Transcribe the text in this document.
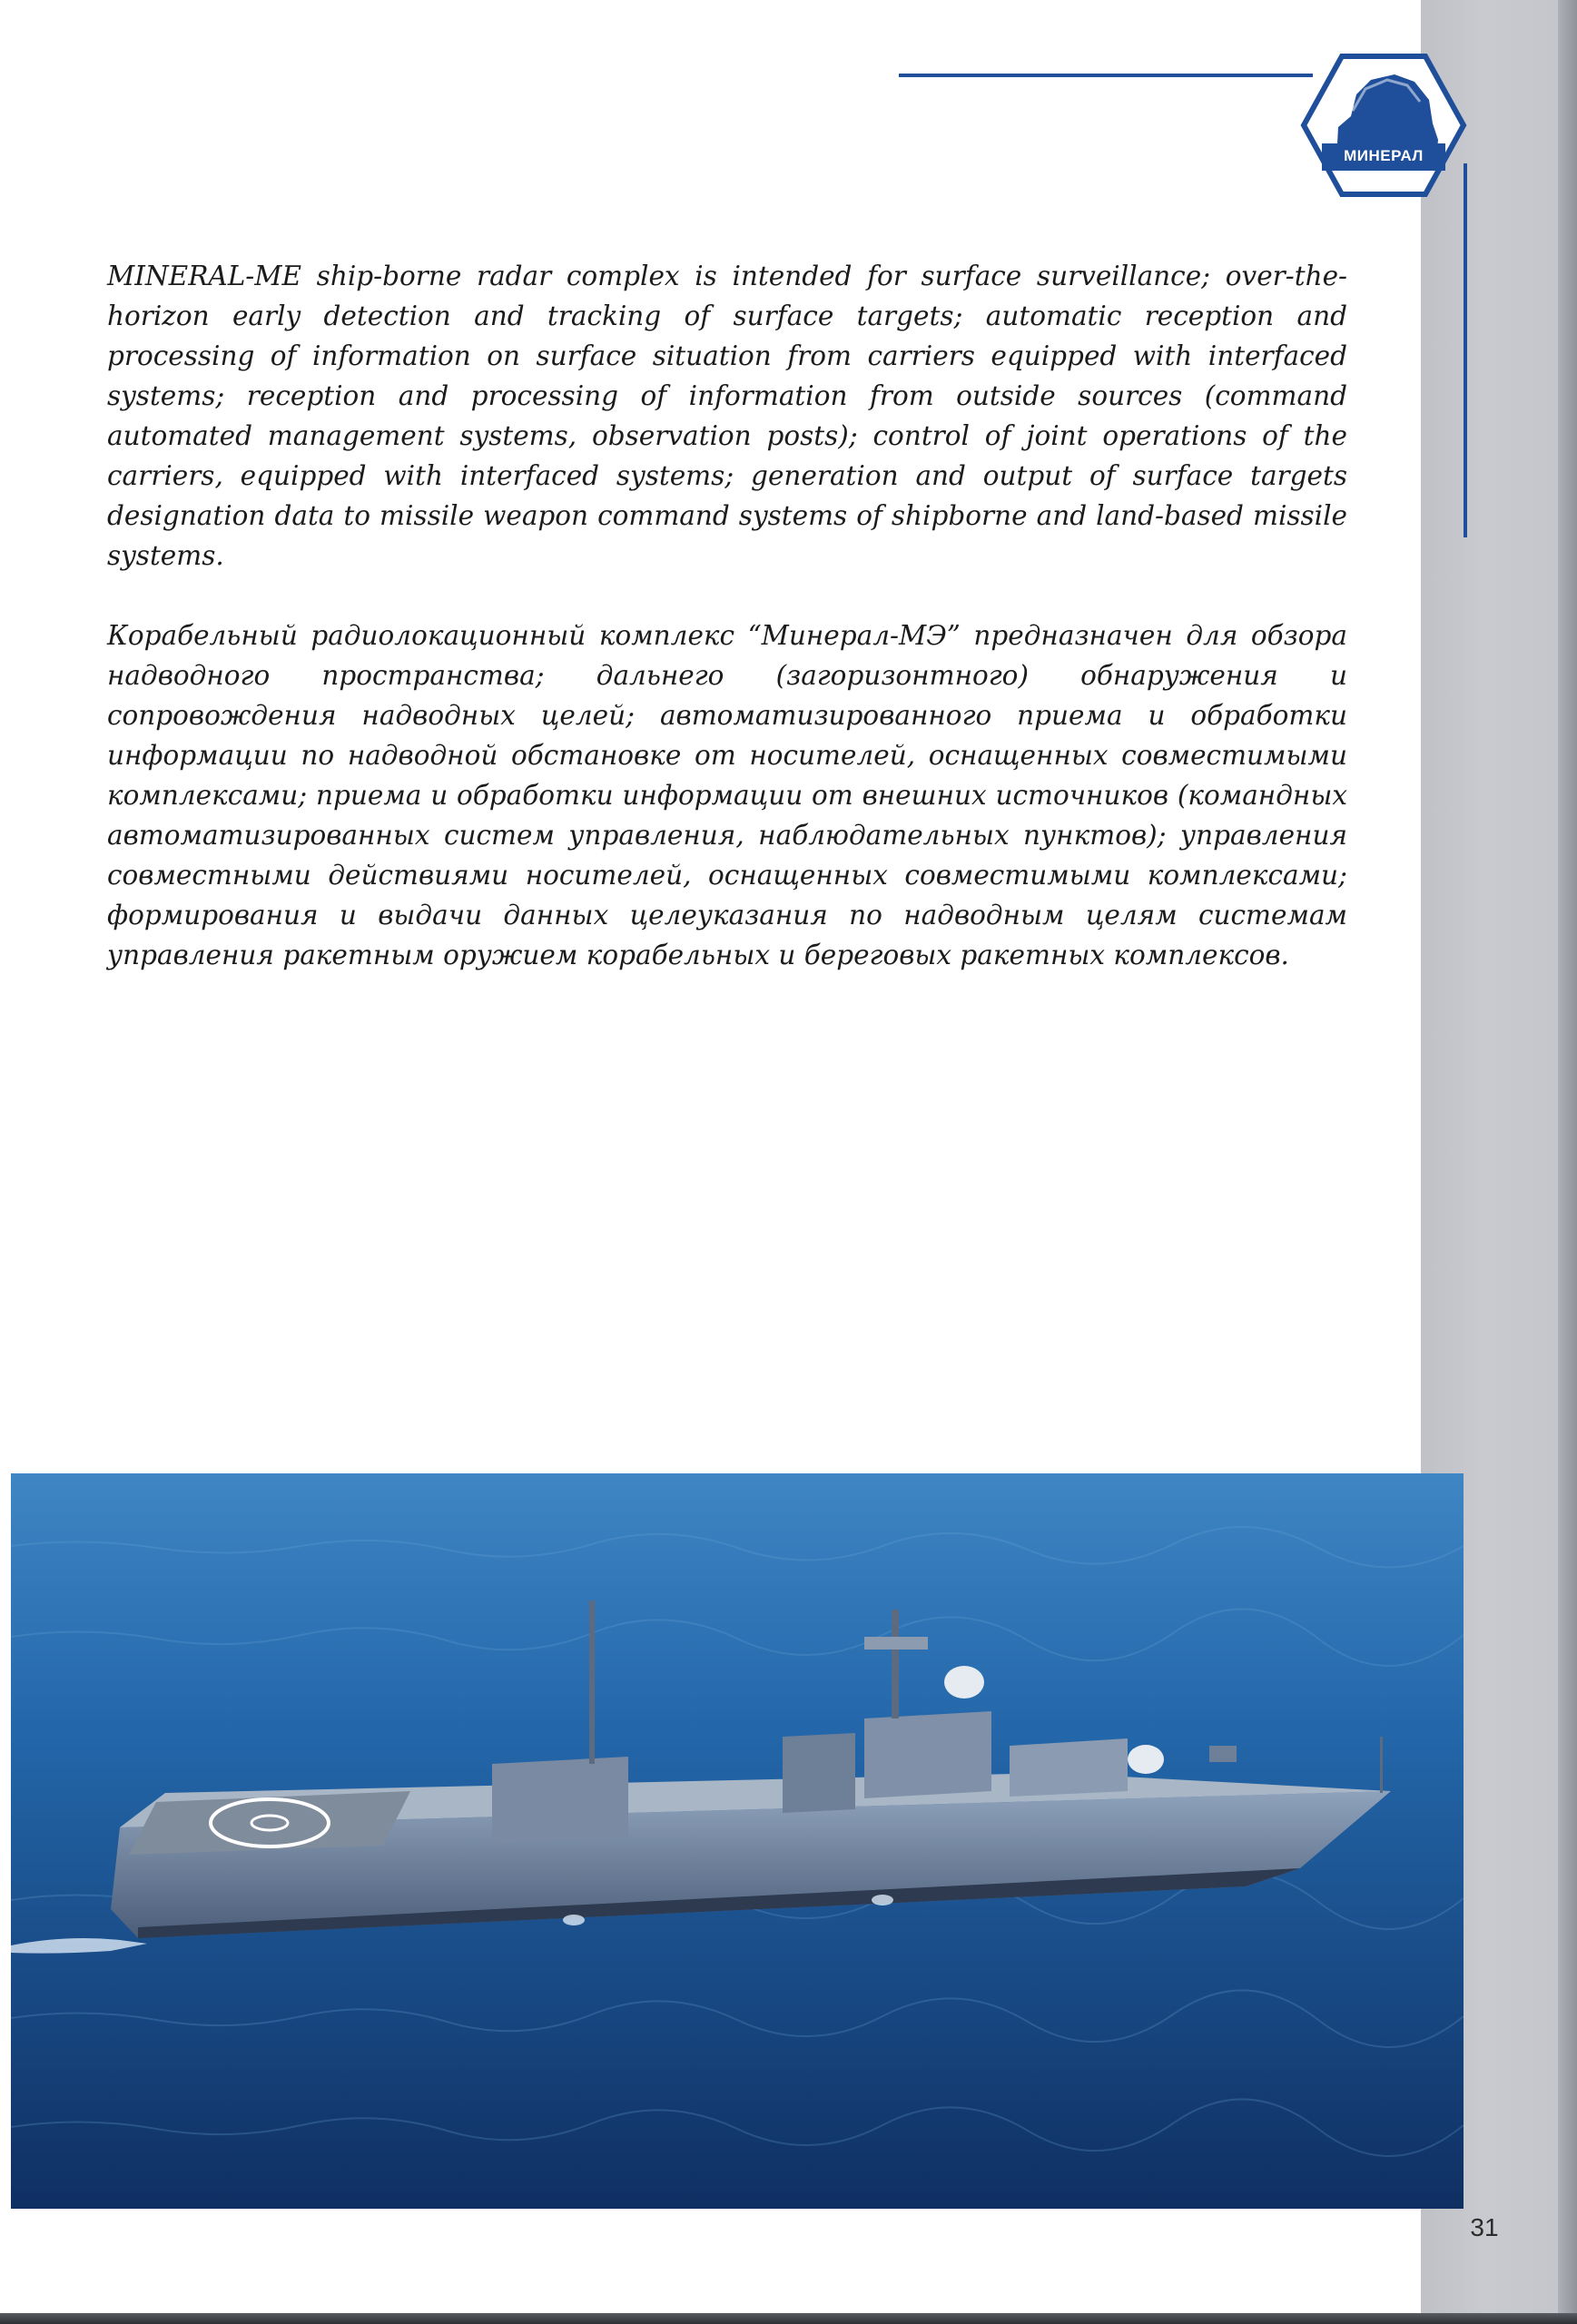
МИНЕРАЛ

MINERAL-ME ship-borne radar complex is intended for surface surveillance; over-the-horizon early detection and tracking of surface targets; automatic reception and processing of information on surface situation from carriers equipped with interfaced systems; reception and processing of information from outside sources (command automated management systems, observation posts); control of joint operations of the carriers, equipped with interfaced systems; generation and output of surface targets designation data to missile weapon command systems of shipborne and land-based missile systems.

Корабельный радиолокационный комплекс “Минерал-МЭ” предназначен для обзора надводного пространства; дальнего (загоризонтного) обнаружения и сопровождения надводных целей; автоматизированного приема и обработки информации по надводной обстановке от носителей, оснащенных совместимыми комплексами; приема и обработки информации от внешних источников (командных автоматизированных систем управления, наблюдательных пунктов); управления совместными действиями носителей, оснащенных совместимыми комплексами; формирования и выдачи данных целеуказания по надводным целям системам управления ракетным оружием корабельных и береговых ракетных комплексов.

31
